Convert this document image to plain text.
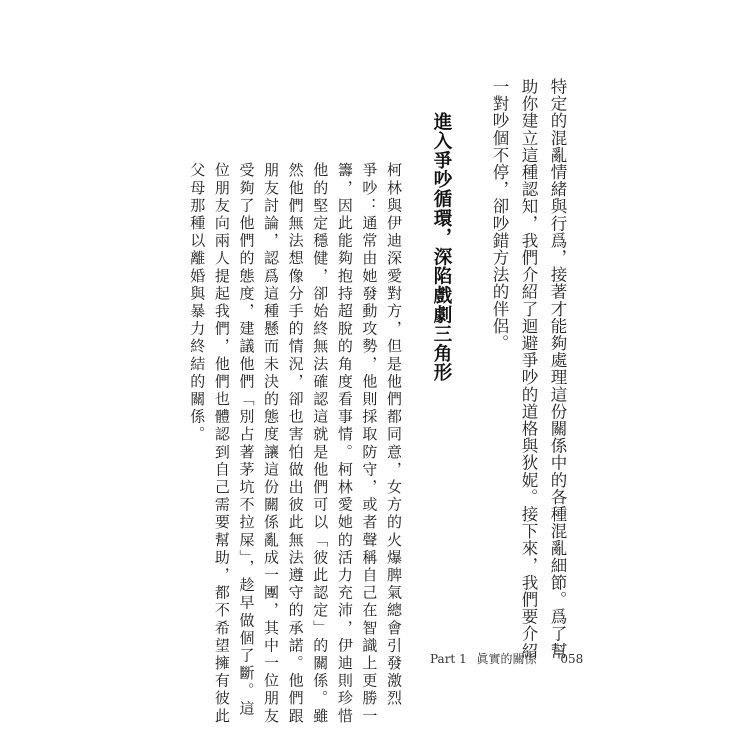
特定的混亂情緒與行爲，接著才能夠處理這份關係中的各種混亂細節。爲了幫
助你建立這種認知，我們介紹了迴避爭吵的道格與狄妮。接下來，我們要介紹
一對吵個不停，卻吵錯方法的伴侶。

進入爭吵循環，深陷戲劇三角形

柯林與伊迪深愛對方，但是他們都同意，女方的火爆脾氣總會引發激烈
爭吵：通常由她發動攻勢，他則採取防守，或者聲稱自己在智識上更勝一
籌，因此能夠抱持超脫的角度看事情。柯林愛她的活力充沛，伊迪則珍惜
他的堅定穩健，卻始終無法確認這就是他們可以「彼此認定」的關係。雖
然他們無法想像分手的情況，卻也害怕做出彼此無法遵守的承諾。他們跟
朋友討論，認爲這種懸而未決的態度讓這份關係亂成一團，其中一位朋友
受夠了他們的態度，建議他們「別占著茅坑不拉屎」，趁早做個了斷。這
位朋友向兩人提起我們，他們也體認到自己需要幫助，都不希望擁有彼此
父母那種以離婚與暴力終結的關係。

Part 1 眞實的關係 058
